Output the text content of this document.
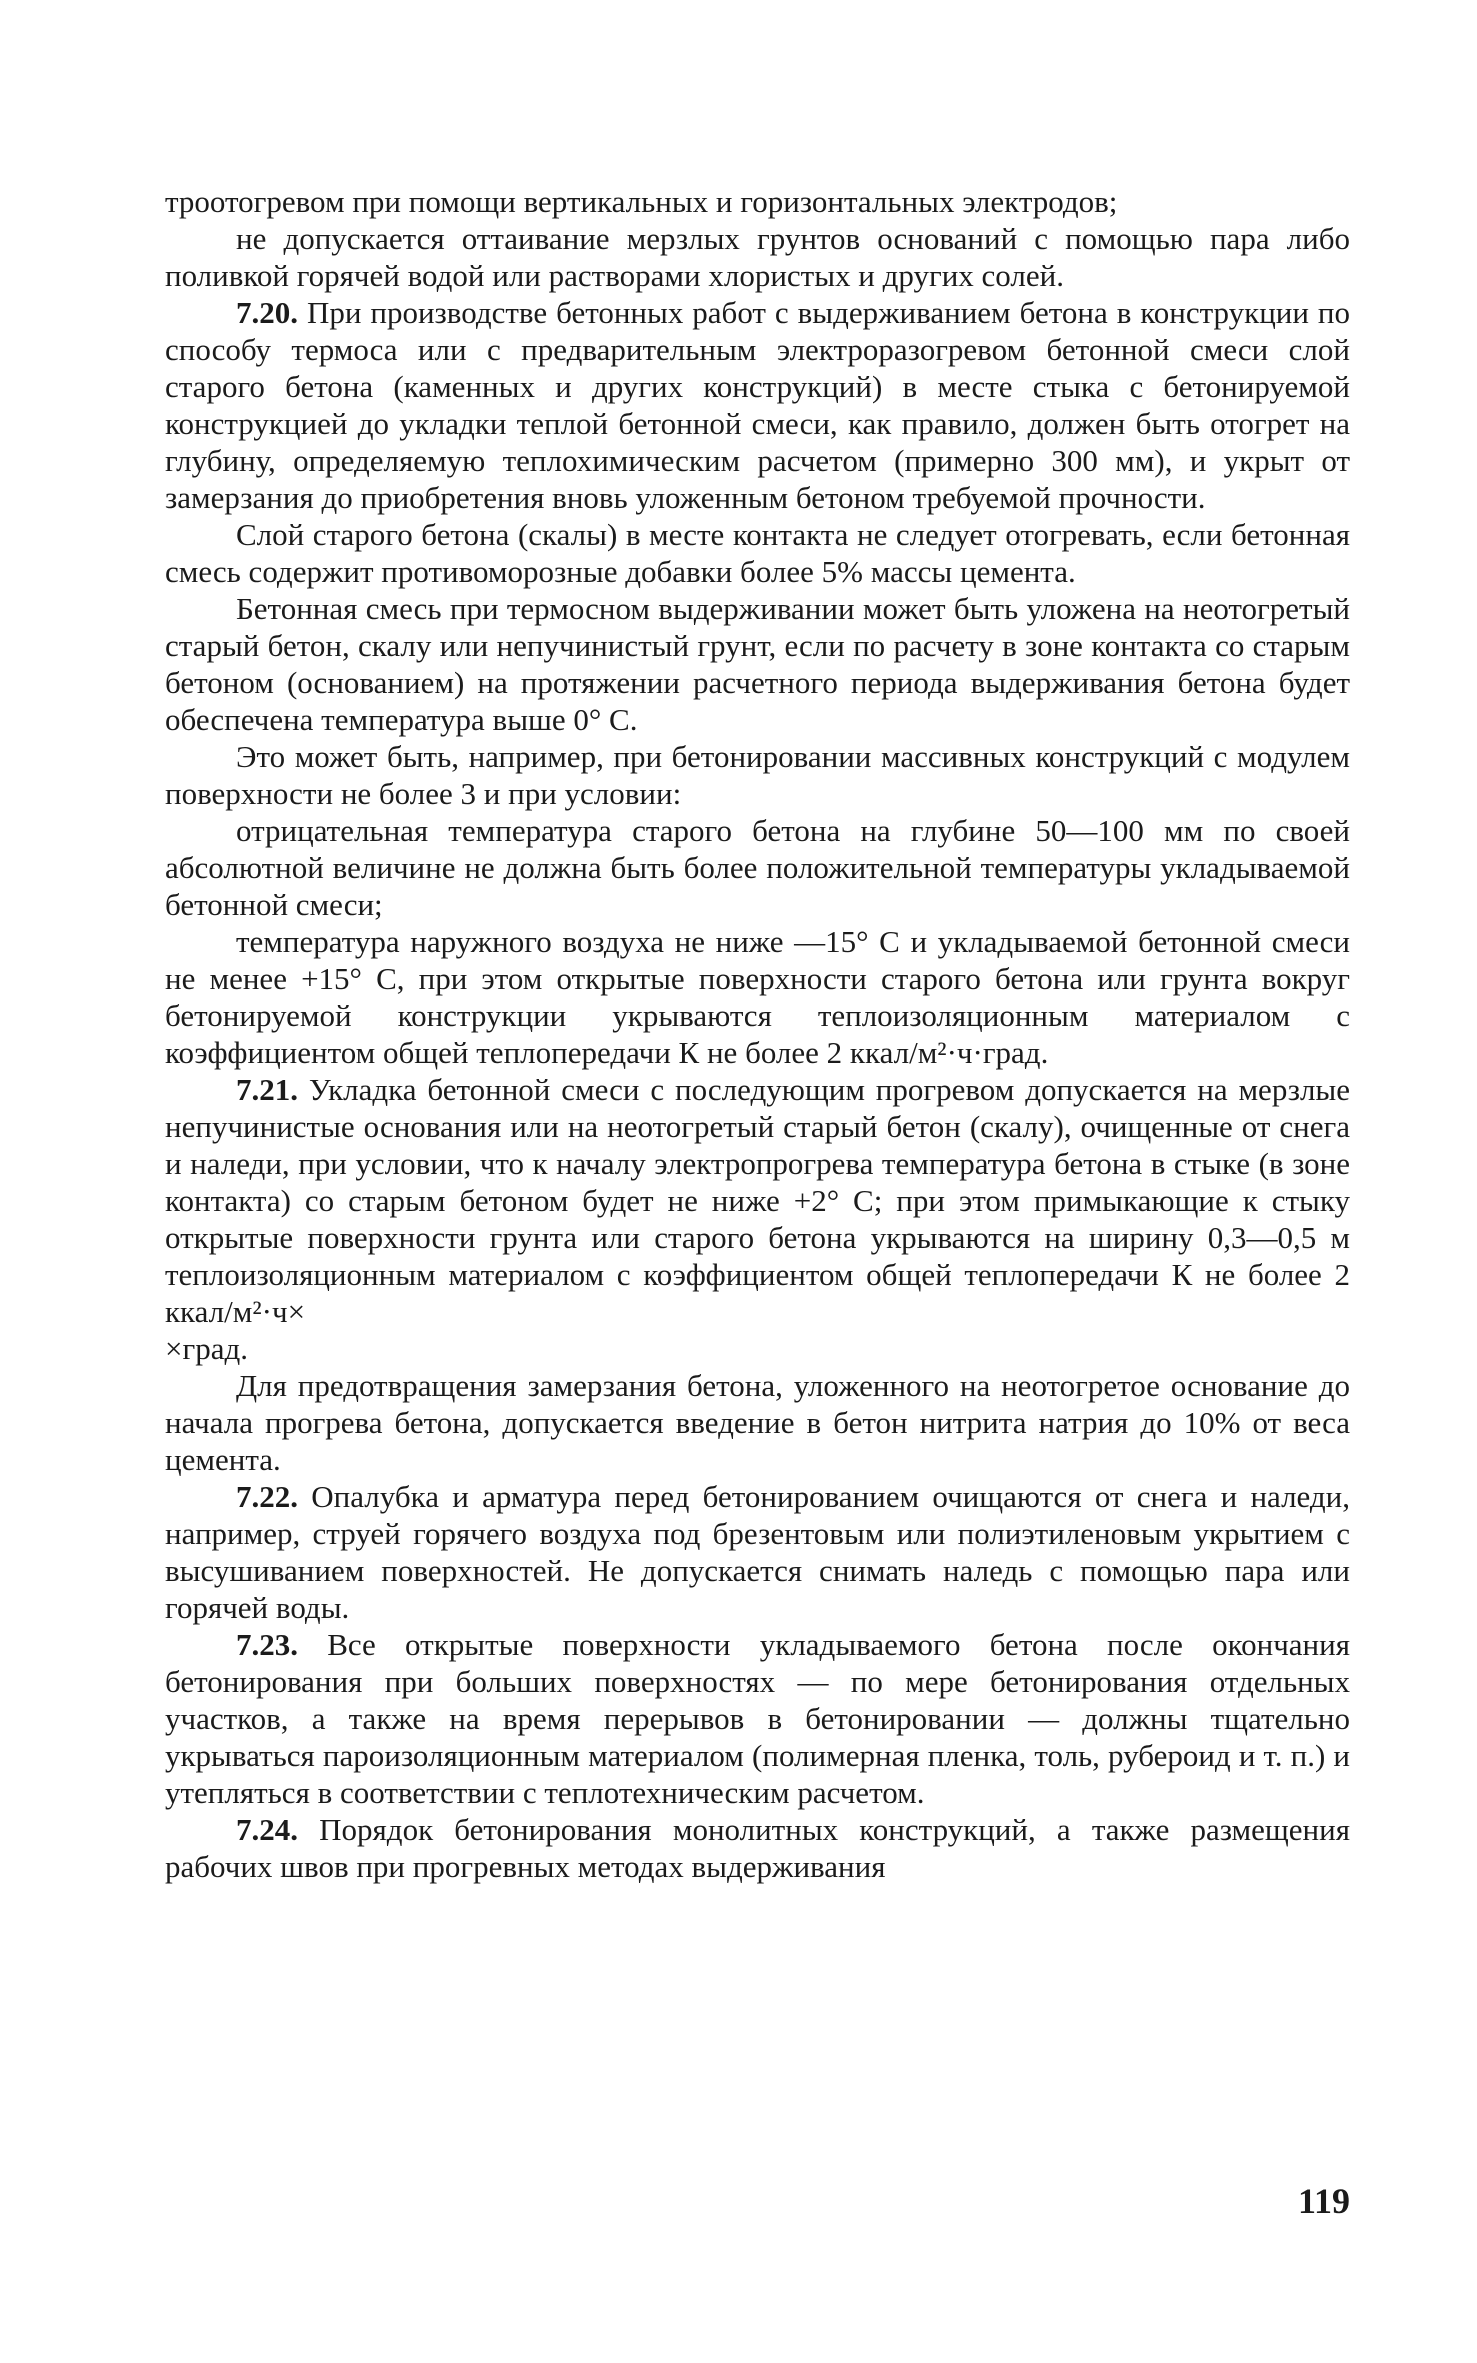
троотогревом при помощи вертикальных и горизонтальных электродов;

не допускается оттаивание мерзлых грунтов оснований с помощью пара либо поливкой горячей водой или растворами хлористых и других солей.

7.20. При производстве бетонных работ с выдерживанием бетона в конструкции по способу термоса или с предварительным электроразогревом бетонной смеси слой старого бетона (каменных и других конструкций) в месте стыка с бетонируемой конструкцией до укладки теплой бетонной смеси, как правило, должен быть отогрет на глубину, определяемую теплохимическим расчетом (примерно 300 мм), и укрыт от замерзания до приобретения вновь уложенным бетоном требуемой прочности.

Слой старого бетона (скалы) в месте контакта не следует отогревать, если бетонная смесь содержит противоморозные добавки более 5% массы цемента.

Бетонная смесь при термосном выдерживании может быть уложена на неотогретый старый бетон, скалу или непучинистый грунт, если по расчету в зоне контакта со старым бетоном (основанием) на протяжении расчетного периода выдерживания бетона будет обеспечена температура выше 0° С.

Это может быть, например, при бетонировании массивных конструкций с модулем поверхности не более 3 и при условии:

отрицательная температура старого бетона на глубине 50—100 мм по своей абсолютной величине не должна быть более положительной температуры укладываемой бетонной смеси;

температура наружного воздуха не ниже —15° С и укладываемой бетонной смеси не менее +15° С, при этом открытые поверхности старого бетона или грунта вокруг бетонируемой конструкции укрываются теплоизоляционным материалом с коэффициентом общей теплопередачи К не более 2 ккал/м²·ч·град.

7.21. Укладка бетонной смеси с последующим прогревом допускается на мерзлые непучинистые основания или на неотогретый старый бетон (скалу), очищенные от снега и наледи, при условии, что к началу электропрогрева температура бетона в стыке (в зоне контакта) со старым бетоном будет не ниже +2° С; при этом примыкающие к стыку открытые поверхности грунта или старого бетона укрываются на ширину 0,3—0,5 м теплоизоляционным материалом с коэффициентом общей теплопередачи К не более 2 ккал/м²·ч×
×град.

Для предотвращения замерзания бетона, уложенного на неотогретое основание до начала прогрева бетона, допускается введение в бетон нитрита натрия до 10% от веса цемента.

7.22. Опалубка и арматура перед бетонированием очищаются от снега и наледи, например, струей горячего воздуха под брезентовым или полиэтиленовым укрытием с высушиванием поверхностей. Не допускается снимать наледь с помощью пара или горячей воды.

7.23. Все открытые поверхности укладываемого бетона после окончания бетонирования при больших поверхностях — по мере бетонирования отдельных участков, а также на время перерывов в бетонировании — должны тщательно укрываться пароизоляционным материалом (полимерная пленка, толь, рубероид и т. п.) и утепляться в соответствии с теплотехническим расчетом.

7.24. Порядок бетонирования монолитных конструкций, а также размещения рабочих швов при прогревных методах выдерживания

119
